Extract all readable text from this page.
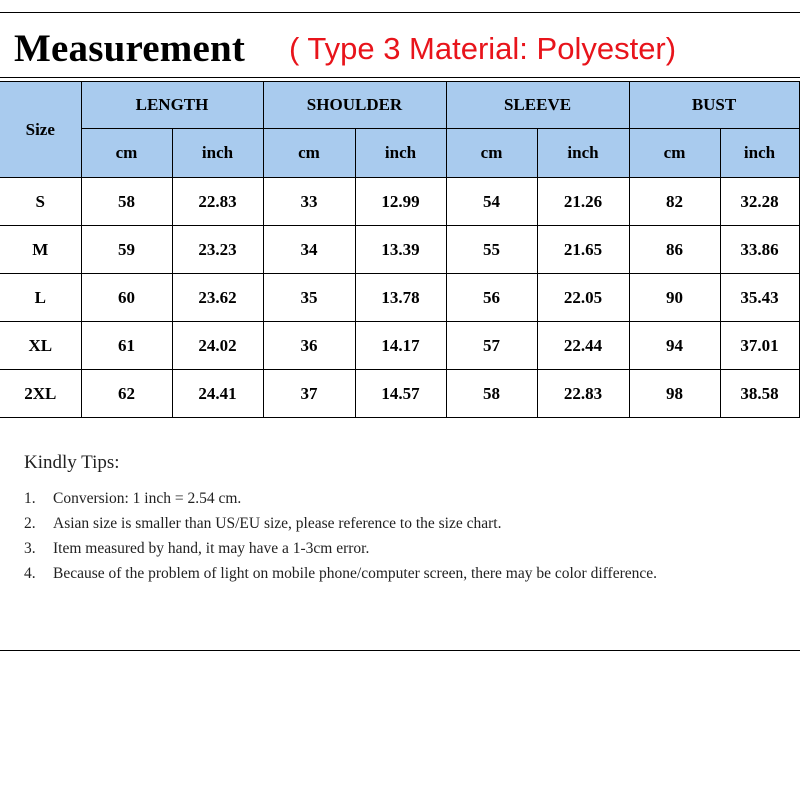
Measurement ( Type 3 Material: Polyester)
Size	LENGTH		SHOULDER		SLEEVE		BUST	
	cm	inch	cm	inch	cm	inch	cm	inch
S	58	22.83	33	12.99	54	21.26	82	32.28
M	59	23.23	34	13.39	55	21.65	86	33.86
L	60	23.62	35	13.78	56	22.05	90	35.43
XL	61	24.02	36	14.17	57	22.44	94	37.01
2XL	62	24.41	37	14.57	58	22.83	98	38.58
Kindly Tips:
1. Conversion: 1 inch = 2.54 cm.
2. Asian size is smaller than US/EU size, please reference to the size chart.
3. Item measured by hand, it may have a 1-3cm error.
4. Because of the problem of light on mobile phone/computer screen, there may be color difference.
